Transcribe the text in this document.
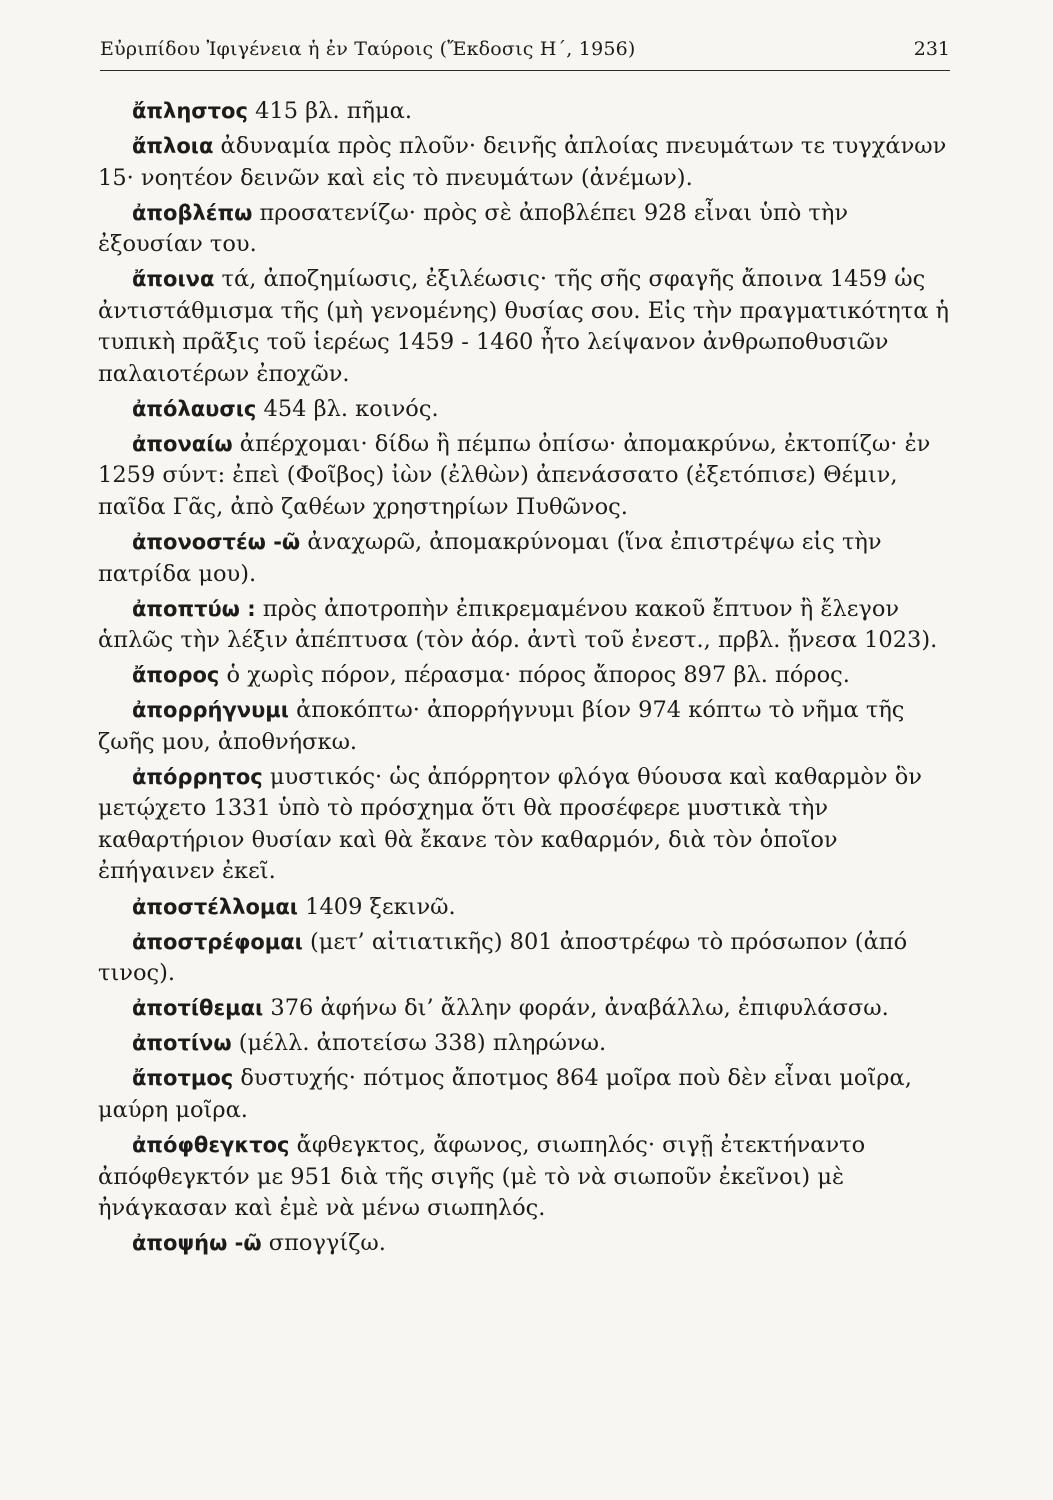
Εὐριπίδου Ἰφιγένεια ἡ ἐν Ταύροις (Ἔκδοσις Η΄, 1956)	231

ἄπληστος 415 βλ. πῆμα.

ἄπλοια ἀδυναμία πρὸς πλοῦν· δεινῆς ἀπλοίας πνευμάτων τε τυγχάνων 15· νοητέον δεινῶν καὶ εἰς τὸ πνευμάτων (ἀνέμων).

ἀποβλέπω προσατενίζω· πρὸς σὲ ἀποβλέπει 928 εἶναι ὑπὸ τὴν ἐξουσίαν του.

ἄποινα τά, ἀποζημίωσις, ἐξιλέωσις· τῆς σῆς σφαγῆς ἄποινα 1459 ὡς ἀντιστάθμισμα τῆς (μὴ γενομένης) θυσίας σου. Εἰς τὴν πραγματικότητα ἡ τυπικὴ πρᾶξις τοῦ ἱερέως 1459 - 1460 ἦτο λείψανον ἀνθρωποθυσιῶν παλαιοτέρων ἐποχῶν.

ἀπόλαυσις 454 βλ. κοινός.

ἀποναίω ἀπέρχομαι· δίδω ἢ πέμπω ὀπίσω· ἀπομακρύνω, ἐκτοπίζω· ἐν 1259 σύντ: ἐπεὶ (Φοῖβος) ἰὼν (ἐλθὼν) ἀπενάσσατο (ἐξετόπισε) Θέμιν, παῖδα Γᾶς, ἀπὸ ζαθέων χρηστηρίων Πυθῶνος.

ἀπονοστέω -ῶ ἀναχωρῶ, ἀπομακρύνομαι (ἵνα ἐπιστρέψω εἰς τὴν πατρίδα μου).

ἀποπτύω : πρὸς ἀποτροπὴν ἐπικρεμαμένου κακοῦ ἔπτυον ἢ ἔλεγον ἁπλῶς τὴν λέξιν ἀπέπτυσα (τὸν ἀόρ. ἀντὶ τοῦ ἐνεστ., πρβλ. ᾔνεσα 1023).

ἄπορος ὁ χωρὶς πόρον, πέρασμα· πόρος ἄπορος 897 βλ. πόρος.

ἀπορρήγνυμι ἀποκόπτω· ἀπορρήγνυμι βίον 974 κόπτω τὸ νῆμα τῆς ζωῆς μου, ἀποθνήσκω.

ἀπόρρητος μυστικός· ὡς ἀπόρρητον φλόγα θύουσα καὶ καθαρμὸν ὃν μετῴχετο 1331 ὑπὸ τὸ πρόσχημα ὅτι θὰ προσέφερε μυστικὰ τὴν καθαρτήριον θυσίαν καὶ θὰ ἔκανε τὸν καθαρμόν, διὰ τὸν ὁποῖον ἐπήγαινεν ἐκεῖ.

ἀποστέλλομαι 1409 ξεκινῶ.

ἀποστρέφομαι (μετ’ αἰτιατικῆς) 801 ἀποστρέφω τὸ πρόσωπον (ἀπό τινος).

ἀποτίθεμαι 376 ἀφήνω δι’ ἄλλην φοράν, ἀναβάλλω, ἐπιφυλάσσω.

ἀποτίνω (μέλλ. ἀποτείσω 338) πληρώνω.

ἄποτμος δυστυχής· πότμος ἄποτμος 864 μοῖρα ποὺ δὲν εἶναι μοῖρα, μαύρη μοῖρα.

ἀπόφθεγκτος ἄφθεγκτος, ἄφωνος, σιωπηλός· σιγῇ ἐτεκτήναντο ἀπόφθεγκτόν με 951 διὰ τῆς σιγῆς (μὲ τὸ νὰ σιωποῦν ἐκεῖνοι) μὲ ἠνάγκασαν καὶ ἐμὲ νὰ μένω σιωπηλός.

ἀποψήω -ῶ σπογγίζω.
